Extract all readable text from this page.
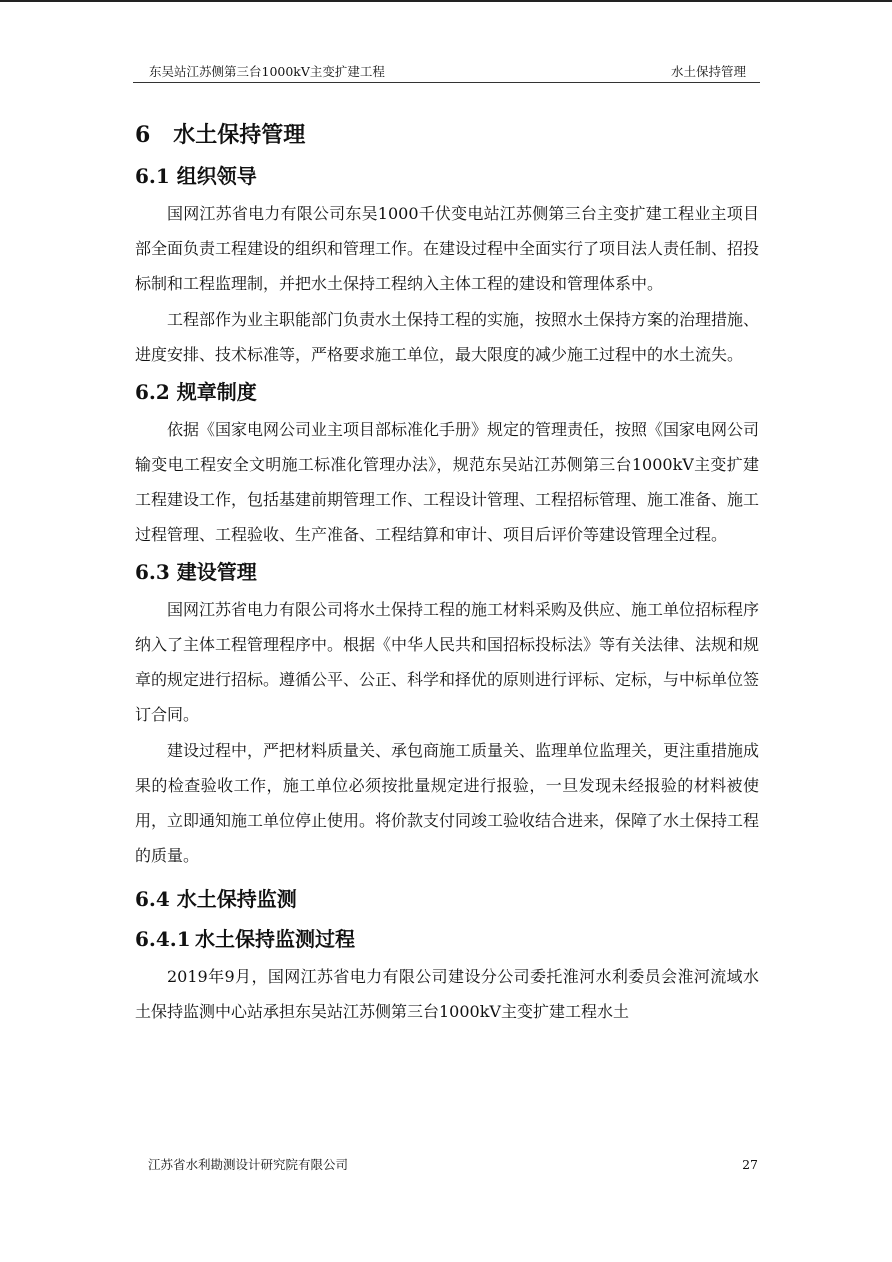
东吴站江苏侧第三台1000kV主变扩建工程	水土保持管理
6 水土保持管理
6.1 组织领导

国网江苏省电力有限公司东吴1000千伏变电站江苏侧第三台主变扩建工程业主项目部全面负责工程建设的组织和管理工作。在建设过程中全面实行了项目法人责任制、招投标制和工程监理制，并把水土保持工程纳入主体工程的建设和管理体系中。

工程部作为业主职能部门负责水土保持工程的实施，按照水土保持方案的治理措施、进度安排、技术标准等，严格要求施工单位，最大限度的减少施工过程中的水土流失。

6.2 规章制度

依据《国家电网公司业主项目部标准化手册》规定的管理责任，按照《国家电网公司输变电工程安全文明施工标准化管理办法》，规范东吴站江苏侧第三台1000kV主变扩建工程建设工作，包括基建前期管理工作、工程设计管理、工程招标管理、施工准备、施工过程管理、工程验收、生产准备、工程结算和审计、项目后评价等建设管理全过程。

6.3 建设管理

国网江苏省电力有限公司将水土保持工程的施工材料采购及供应、施工单位招标程序纳入了主体工程管理程序中。根据《中华人民共和国招标投标法》等有关法律、法规和规章的规定进行招标。遵循公平、公正、科学和择优的原则进行评标、定标，与中标单位签订合同。

建设过程中，严把材料质量关、承包商施工质量关、监理单位监理关，更注重措施成果的检查验收工作，施工单位必须按批量规定进行报验，一旦发现未经报验的材料被使用，立即通知施工单位停止使用。将价款支付同竣工验收结合进来，保障了水土保持工程的质量。

6.4 水土保持监测
6.4.1 水土保持监测过程

2019年9月，国网江苏省电力有限公司建设分公司委托淮河水利委员会淮河流域水土保持监测中心站承担东吴站江苏侧第三台1000kV主变扩建工程水土

江苏省水利勘测设计研究院有限公司	27
